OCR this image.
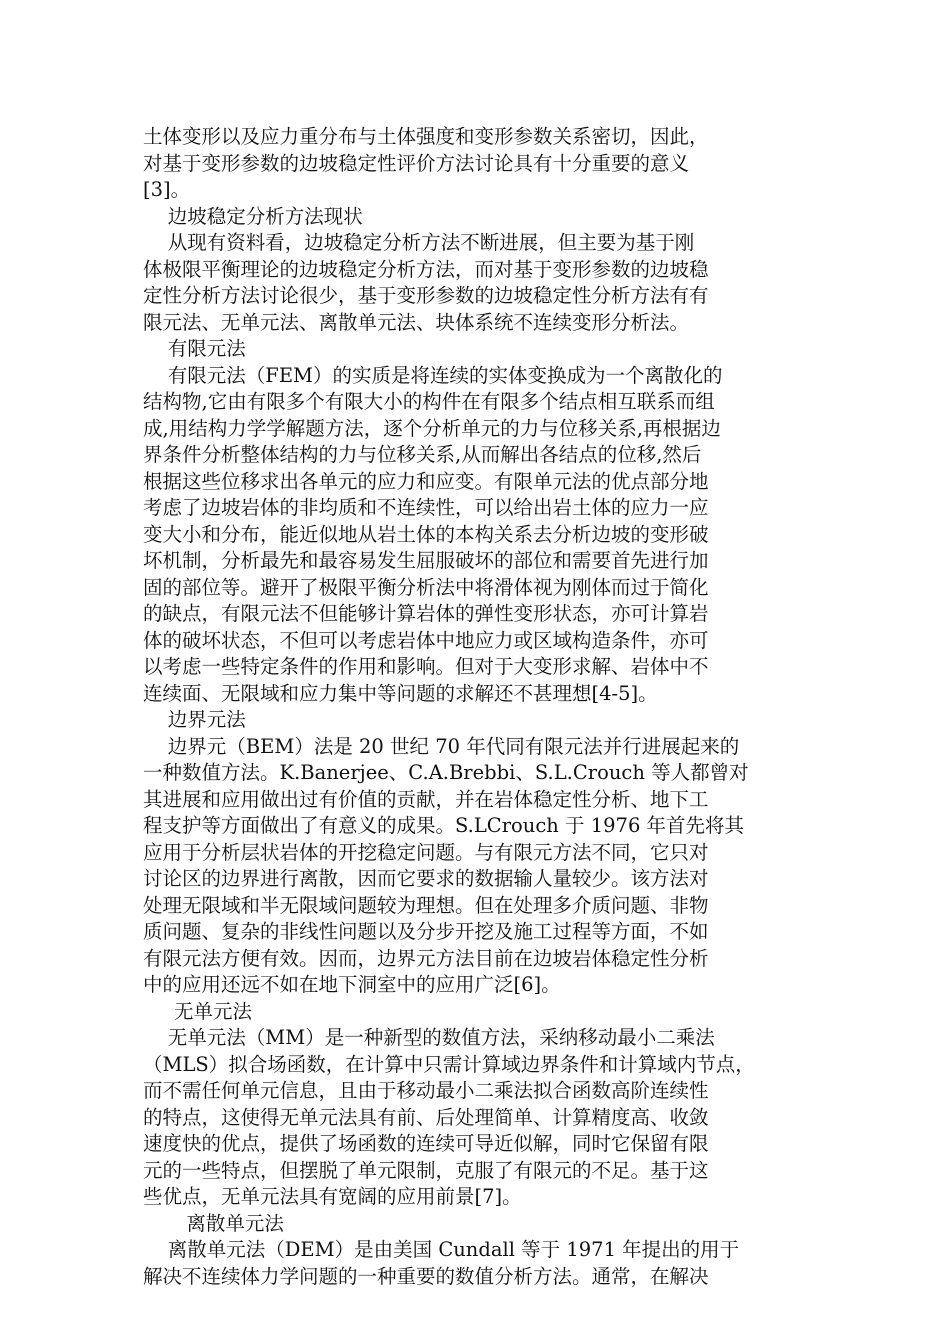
土体变形以及应力重分布与土体强度和变形参数关系密切，因此，
对基于变形参数的边坡稳定性评价方法讨论具有十分重要的意义
[3]。
边坡稳定分析方法现状
从现有资料看，边坡稳定分析方法不断进展，但主要为基于刚
体极限平衡理论的边坡稳定分析方法，而对基于变形参数的边坡稳
定性分析方法讨论很少，基于变形参数的边坡稳定性分析方法有有
限元法、无单元法、离散单元法、块体系统不连续变形分析法。
有限元法
有限元法（FEM）的实质是将连续的实体变换成为一个离散化的
结构物,它由有限多个有限大小的构件在有限多个结点相互联系而组
成,用结构力学学解题方法，逐个分析单元的力与位移关系,再根据边
界条件分析整体结构的力与位移关系,从而解出各结点的位移,然后
根据这些位移求出各单元的应力和应变。有限单元法的优点部分地
考虑了边坡岩体的非均质和不连续性，可以给出岩土体的应力一应
变大小和分布，能近似地从岩土体的本构关系去分析边坡的变形破
坏机制，分析最先和最容易发生屈服破坏的部位和需要首先进行加
固的部位等。避开了极限平衡分析法中将滑体视为刚体而过于简化
的缺点，有限元法不但能够计算岩体的弹性变形状态，亦可计算岩
体的破坏状态，不但可以考虑岩体中地应力或区域构造条件，亦可
以考虑一些特定条件的作用和影响。但对于大变形求解、岩体中不
连续面、无限域和应力集中等问题的求解还不甚理想[4-5]。
边界元法
边界元（BEM）法是 20 世纪 70 年代同有限元法并行进展起来的
一种数值方法。K.Banerjee、C.A.Brebbi、S.L.Crouch 等人都曾对
其进展和应用做出过有价值的贡献，并在岩体稳定性分析、地下工
程支护等方面做出了有意义的成果。S.LCrouch 于 1976 年首先将其
应用于分析层状岩体的开挖稳定问题。与有限元方法不同，它只对
讨论区的边界进行离散，因而它要求的数据输人量较少。该方法对
处理无限域和半无限域问题较为理想。但在处理多介质问题、非物
质问题、复杂的非线性问题以及分步开挖及施工过程等方面，不如
有限元法方便有效。因而，边界元方法目前在边坡岩体稳定性分析
中的应用还远不如在地下洞室中的应用广泛[6]。
无单元法
无单元法（MM）是一种新型的数值方法，采纳移动最小二乘法
（MLS）拟合场函数，在计算中只需计算域边界条件和计算域内节点，
而不需任何单元信息，且由于移动最小二乘法拟合函数高阶连续性
的特点，这使得无单元法具有前、后处理简单、计算精度高、收敛
速度快的优点，提供了场函数的连续可导近似解，同时它保留有限
元的一些特点，但摆脱了单元限制，克服了有限元的不足。基于这
些优点，无单元法具有宽阔的应用前景[7]。
离散单元法
离散单元法（DEM）是由美国 Cundall 等于 1971 年提出的用于
解决不连续体力学问题的一种重要的数值分析方法。通常，在解决
